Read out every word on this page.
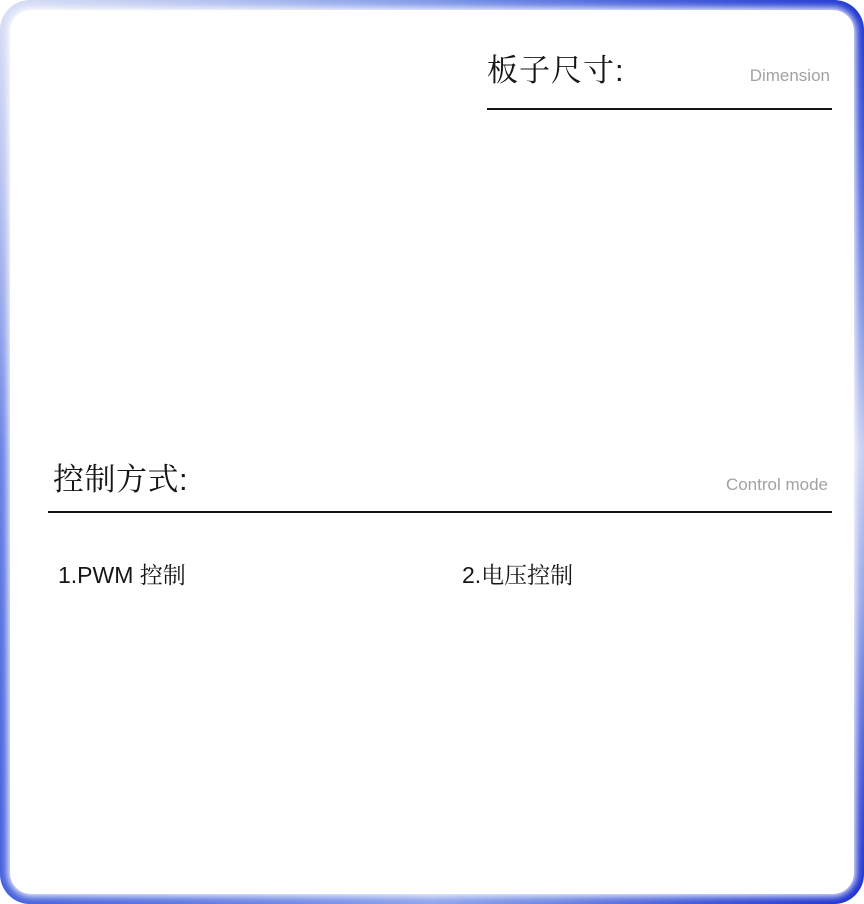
板子尺寸:	Dimension
控制方式:	Control mode
1.PWM 控制	2.电压控制
